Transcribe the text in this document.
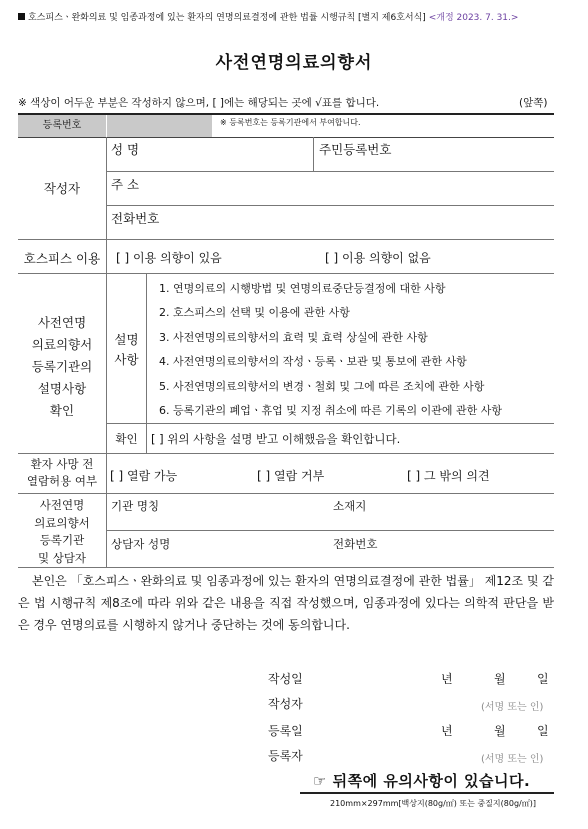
호스피스ㆍ완화의료 및 임종과정에 있는 환자의 연명의료결정에 관한 법률 시행규칙 [별지 제6호서식] <개정 2023. 7. 31.>
사전연명의료의향서
※ 색상이 어두운 부분은 작성하지 않으며, [ ]에는 해당되는 곳에 √표를 합니다.	(앞쪽)
등록번호	※ 등록번호는 등록기관에서 부여합니다.
작성자
성 명	주민등록번호
주 소
전화번호
호스피스 이용	[ ] 이용 의향이 있음	[ ] 이용 의향이 없음
사전연명
의료의향서
등록기관의
설명사항
확인
설명
사항
1. 연명의료의 시행방법 및 연명의료중단등결정에 대한 사항
2. 호스피스의 선택 및 이용에 관한 사항
3. 사전연명의료의향서의 효력 및 효력 상실에 관한 사항
4. 사전연명의료의향서의 작성ㆍ등록ㆍ보관 및 통보에 관한 사항
5. 사전연명의료의향서의 변경ㆍ철회 및 그에 따른 조치에 관한 사항
6. 등록기관의 폐업ㆍ휴업 및 지정 취소에 따른 기록의 이관에 관한 사항
확인	[ ] 위의 사항을 설명 받고 이해했음을 확인합니다.
환자 사망 전
열람허용 여부	[ ] 열람 가능	[ ] 열람 거부	[ ] 그 밖의 의견
사전연명
의료의향서
등록기관
및 상담자
기관 명칭	소재지
상담자 성명	전화번호
본인은 「호스피스ㆍ완화의료 및 임종과정에 있는 환자의 연명의료결정에 관한 법률」 제12조 및 같은 법 시행규칙 제8조에 따라 위와 같은 내용을 직접 작성했으며, 임종과정에 있다는 의학적 판단을 받은 경우 연명의료를 시행하지 않거나 중단하는 것에 동의합니다.
작성일	년	월	일
작성자	(서명 또는 인)
등록일	년	월	일
등록자	(서명 또는 인)
☞ 뒤쪽에 유의사항이 있습니다.
210mm×297mm[백상지(80g/㎡) 또는 중질지(80g/㎡)]
